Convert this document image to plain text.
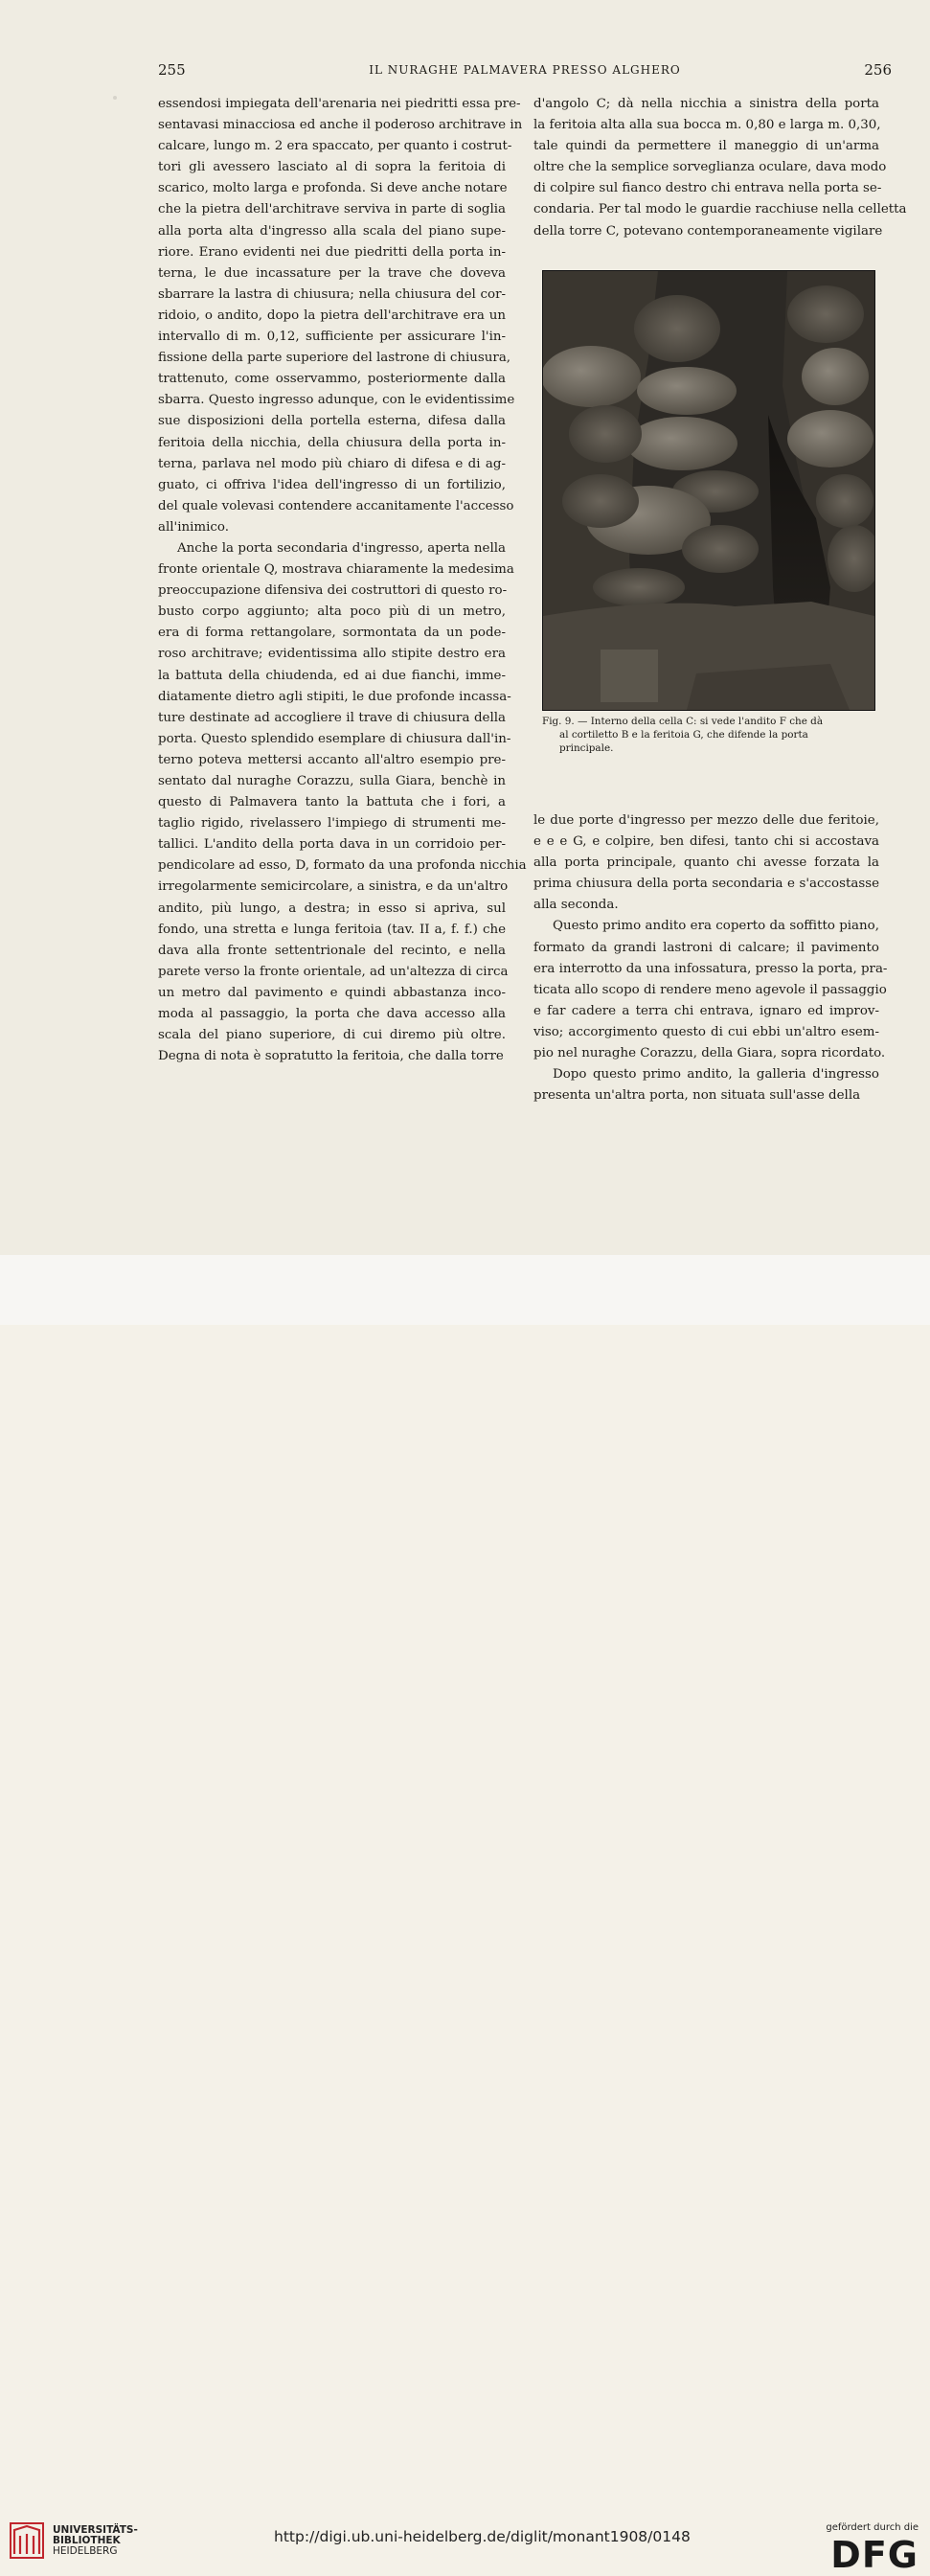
255	IL NURAGHE PALMAVERA PRESSO ALGHERO	256

essendosi impiegata dell'arenaria nei piedritti essa pre-
sentavasi minacciosa ed anche il poderoso architrave in
calcare, lungo m. 2 era spaccato, per quanto i costrut-
tori gli avessero lasciato al di sopra la feritoia di
scarico, molto larga e profonda. Si deve anche notare
che la pietra dell'architrave serviva in parte di soglia
alla porta alta d'ingresso alla scala del piano supe-
riore. Erano evidenti nei due piedritti della porta in-
terna, le due incassature per la trave che doveva
sbarrare la lastra di chiusura; nella chiusura del cor-
ridoio, o andito, dopo la pietra dell'architrave era un
intervallo di m. 0,12, sufficiente per assicurare l'in-
fissione della parte superiore del lastrone di chiusura,
trattenuto, come osservammo, posteriormente dalla
sbarra. Questo ingresso adunque, con le evidentissime
sue disposizioni della portella esterna, difesa dalla
feritoia della nicchia, della chiusura della porta in-
terna, parlava nel modo più chiaro di difesa e di ag-
guato, ci offriva l'idea dell'ingresso di un fortilizio,
del quale volevasi contendere accanitamente l'accesso
all'inimico.

Anche la porta secondaria d'ingresso, aperta nella
fronte orientale Q, mostrava chiaramente la medesima
preoccupazione difensiva dei costruttori di questo ro-
busto corpo aggiunto; alta poco più di un metro,
era di forma rettangolare, sormontata da un pode-
roso architrave; evidentissima allo stipite destro era
la battuta della chiudenda, ed ai due fianchi, imme-
diatamente dietro agli stipiti, le due profonde incassa-
ture destinate ad accogliere il trave di chiusura della
porta. Questo splendido esemplare di chiusura dall'in-
terno poteva mettersi accanto all'altro esempio pre-
sentato dal nuraghe Corazzu, sulla Giara, benchè in
questo di Palmavera tanto la battuta che i fori, a
taglio rigido, rivelassero l'impiego di strumenti me-
tallici. L'andito della porta dava in un corridoio per-
pendicolare ad esso, D, formato da una profonda nicchia
irregolarmente semicircolare, a sinistra, e da un'altro
andito, più lungo, a destra; in esso si apriva, sul
fondo, una stretta e lunga feritoia (tav. II a, f. f.) che
dava alla fronte settentrionale del recinto, e nella
parete verso la fronte orientale, ad un'altezza di circa
un metro dal pavimento e quindi abbastanza inco-
moda al passaggio, la porta che dava accesso alla
scala del piano superiore, di cui diremo più oltre.
Degna di nota è sopratutto la feritoia, che dalla torre

d'angolo C; dà nella nicchia a sinistra della porta
la feritoia alta alla sua bocca m. 0,80 e larga m. 0,30,
tale quindi da permettere il maneggio di un'arma
oltre che la semplice sorveglianza oculare, dava modo
di colpire sul fianco destro chi entrava nella porta se-
condaria. Per tal modo le guardie racchiuse nella celletta
della torre C, potevano contemporaneamente vigilare

Fig. 9. — Interno della cella C: si vede l'andito F che dà
al cortiletto B e la feritoia G, che difende la porta
principale.

le due porte d'ingresso per mezzo delle due feritoie,
e e e G, e colpire, ben difesi, tanto chi si accostava
alla porta principale, quanto chi avesse forzata la
prima chiusura della porta secondaria e s'accostasse
alla seconda.

Questo primo andito era coperto da soffitto piano,
formato da grandi lastroni di calcare; il pavimento
era interrotto da una infossatura, presso la porta, pra-
ticata allo scopo di rendere meno agevole il passaggio
e far cadere a terra chi entrava, ignaro ed improv-
viso; accorgimento questo di cui ebbi un'altro esem-
pio nel nuraghe Corazzu, della Giara, sopra ricordato.

Dopo questo primo andito, la galleria d'ingresso
presenta un'altra porta, non situata sull'asse della

UNIVERSITÄTS-
BIBLIOTHEK
HEIDELBERG
http://digi.ub.uni-heidelberg.de/diglit/monant1908/0148
gefördert durch die
DFG
